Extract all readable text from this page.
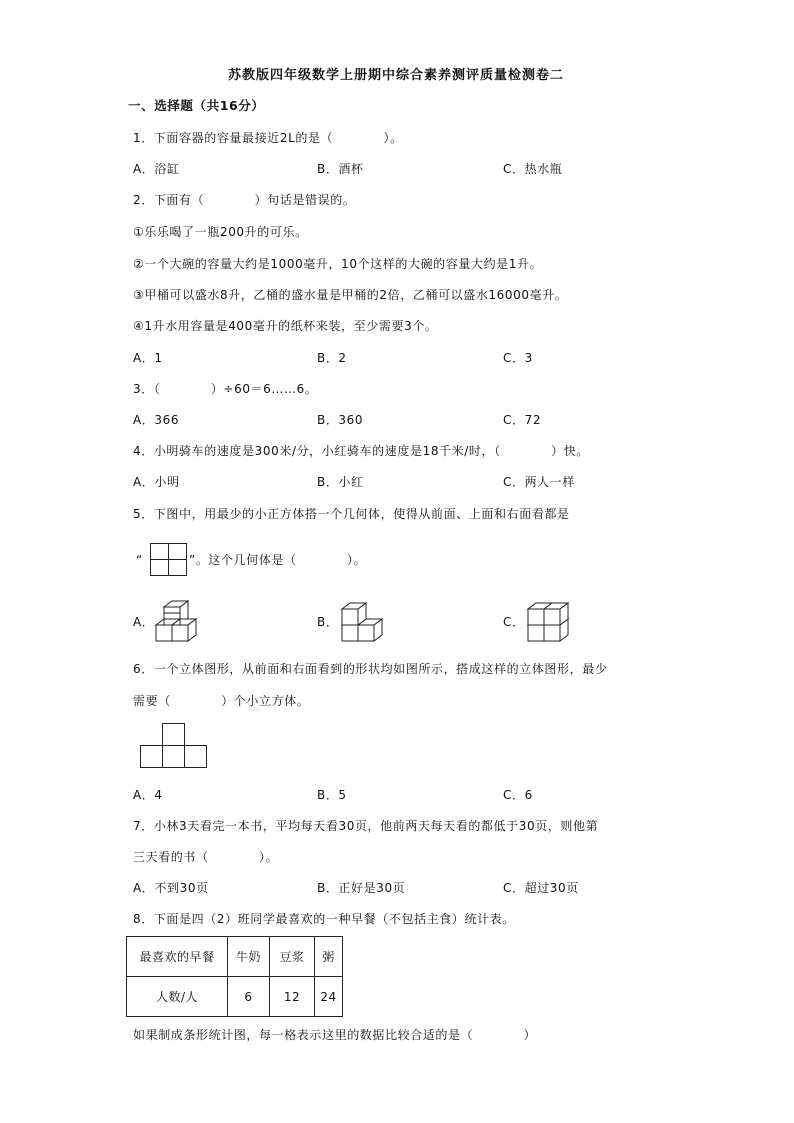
苏教版四年级数学上册期中综合素养测评质量检测卷二
一、选择题（共16分）
1．下面容器的容量最接近2L的是（　　　　）。
A．浴缸	B．酒杯	C．热水瓶
2．下面有（　　　　）句话是错误的。
①乐乐喝了一瓶200升的可乐。
②一个大碗的容量大约是1000毫升，10个这样的大碗的容量大约是1升。
③甲桶可以盛水8升，乙桶的盛水量是甲桶的2倍，乙桶可以盛水16000毫升。
④1升水用容量是400毫升的纸杯来装，至少需要3个。
A．1	B．2	C．3
3．（　　　　）÷60＝6……6。
A．366	B．360	C．72
4．小明骑车的速度是300米/分，小红骑车的速度是18千米/时，（　　　　）快。
A．小明	B．小红	C．两人一样
5．下图中，用最少的小正方体搭一个几何体，使得从前面、上面和右面看都是
“	”。这个几何体是（　　　　）。
A．	B．	C．
6．一个立体图形，从前面和右面看到的形状均如图所示，搭成这样的立体图形，最少
需要（　　　　）个小立方体。
A．4	B．5	C．6
7．小林3天看完一本书，平均每天看30页，他前两天每天看的都低于30页，则他第
三天看的书（　　　　）。
A．不到30页	B．正好是30页	C．超过30页
8．下面是四（2）班同学最喜欢的一种早餐（不包括主食）统计表。
最喜欢的早餐	牛奶	豆浆	粥
人数/人	6	12	24
如果制成条形统计图，每一格表示这里的数据比较合适的是（　　　　）
